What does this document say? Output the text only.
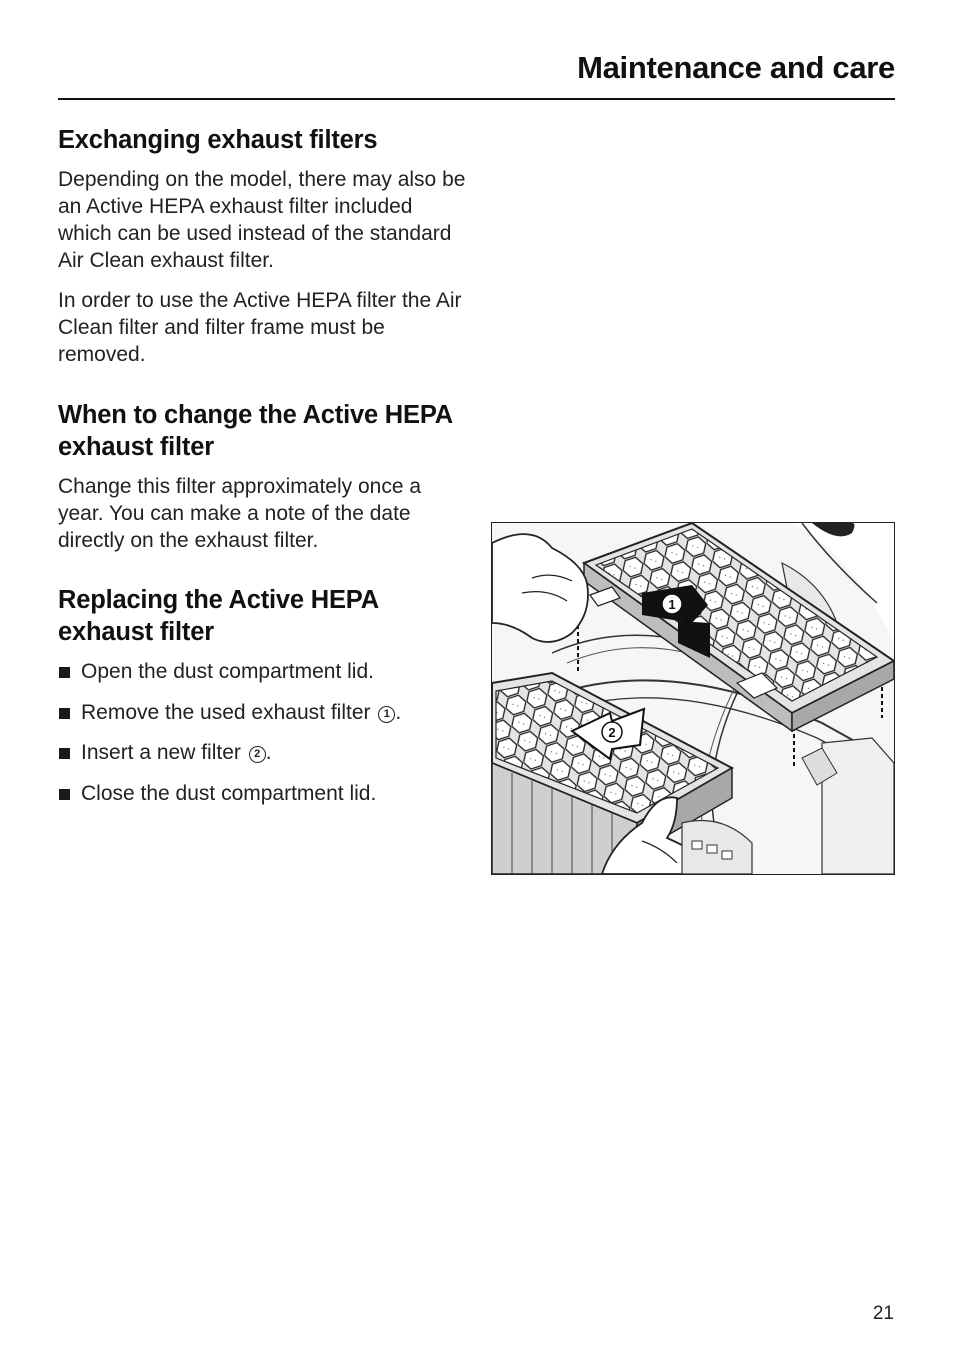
Maintenance and care
Exchanging exhaust filters

Depending on the model, there may also be an Active HEPA exhaust filter included which can be used instead of the standard Air Clean exhaust filter.

In order to use the Active HEPA filter the Air Clean filter and filter frame must be removed.

When to change the Active HEPA exhaust filter

Change this filter approximately once a year. You can make a note of the date directly on the exhaust filter.

Replacing the Active HEPA exhaust filter
Open the dust compartment lid.
Remove the used exhaust filter 1 .
Insert a new filter 2 .
Close the dust compartment lid.
1
2
21
